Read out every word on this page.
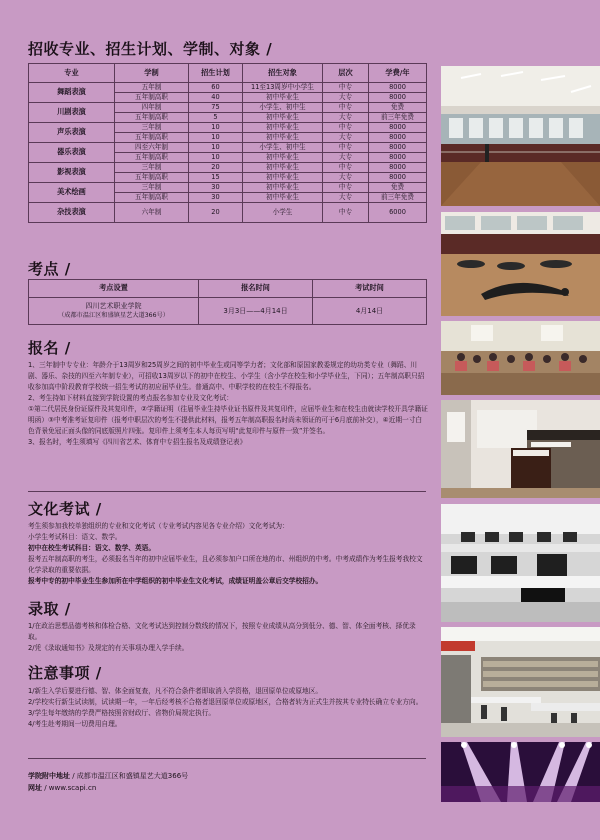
招收专业、招生计划、学制、对象 /
专业	学制	招生计划	招生对象	层次	学费/年
舞蹈表演	五年制	60	11至13周岁中小学生	中专	8000
	五年制高职	40	初中毕业生	大专	8000
川剧表演	四年制	75	小学生、初中生	中专	免费
	五年制高职	5	初中毕业生	大专	前三年免费
声乐表演	三年制	10	初中毕业生	中专	8000
	五年制高职	10	初中毕业生	大专	8000
器乐表演	四至六年制	10	小学生、初中生	中专	8000
	五年制高职	10	初中毕业生	大专	8000
影视表演	三年制	20	初中毕业生	中专	8000
	五年制高职	15	初中毕业生	大专	8000
美术绘画	三年制	30	初中毕业生	中专	免费
	五年制高职	30	初中毕业生	大专	前三年免费
杂技表演	六年制	20	小学生	中专	6000
考点 /
考点设置	报名时间	考试时间

四川艺术职业学院
（成都市温江区和盛镇星艺大道366号）	3月3日——4月14日	4月14日
报名 /

1、三年制中专专业：年龄介于13周岁和25周岁之间的初中毕业生或同等学力者；文化部和原国家教委规定的幼功类专业（舞蹈、川剧、器乐、杂技的四至六年制专业），可招收13周岁以下的初中在校生、小学生（含小学在校生和小学毕业生，下同）；五年制高职只招收参加高中阶段教育学校统一招生考试的初应届毕业生。普通高中、中职学校的在校生不得报名。

2、考生持如下材料直接到学院设置的考点报名参加专业及文化考试：

①第二代居民身份证原件及其复印件，②学籍证明（往届毕业生持毕业证书原件及其复印件，应届毕业生和在校生由就读学校开具学籍证明函）③中考准考证复印件（报考中职层次的考生不提供此材料，报考五年制高职报名时尚未领证的可于6月底前补交），④近期一寸白色背景免冠正面头像的同底版照片四张。复印件上须考生本人每页写明“此复印件与原件一致”并签名。

3、报名时，考生须填写《四川省艺术、体育中专招生报名及成绩登记表》

文化考试 /

考生须参加我校单独组织的专业和文化考试（专业考试内容见各专业介绍）文化考试为：

小学生考试科目：语文、数学。

初中在校生考试科目：语文、数学、英语。

报考五年制高职的考生，必须报名当年的初中应届毕业生，且必须参加户口所在地的市、州组织的中考。中考成绩作为考生报考我校文化学录取的重要依据。

报考中专的初中毕业生生参加所在中学组织的初中毕业生文化考试，成绩证明盖公章后交学校招办。

录取 /

1/在政治思想品德考核和体检合格、文化考试达到控制分数线的情况下，按照专业成绩从高分到低分、德、智、体全面考核、择优录取。

2/凭《录取通知书》及规定的有关事项办理入学手续。

注意事项 /

1/新生入学后要进行德、智、体全面复查，凡不符合条件者即取消入学资格，退回原单位或原地区。

2/学校实行新生试读制，试读期一年，一年后经考核不合格者退回原单位或原地区，合格者转为正式生并按其专业特长确立专业方向。

3/学生每年缴纳的学费严格按照省财政厅、省物价局规定执行。

4/考生赴考期间一切费用自理。

学院附中地址 / 成都市温江区和盛镇星艺大道366号
网址 / www.scapi.cn
